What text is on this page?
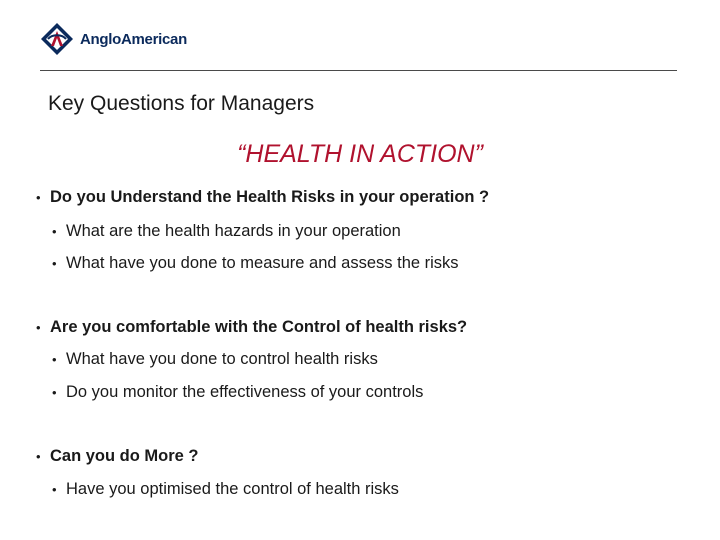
AngloAmerican
Key Questions for Managers
“HEALTH IN ACTION”
• Do you Understand the Health Risks in your operation ?
• What are the health hazards in your operation
• What have you done to measure and assess the risks
• Are you comfortable with the Control of health risks?
• What have you done to control health risks
• Do you monitor the effectiveness of your controls
• Can you do More ?
• Have you optimised the control of health risks
